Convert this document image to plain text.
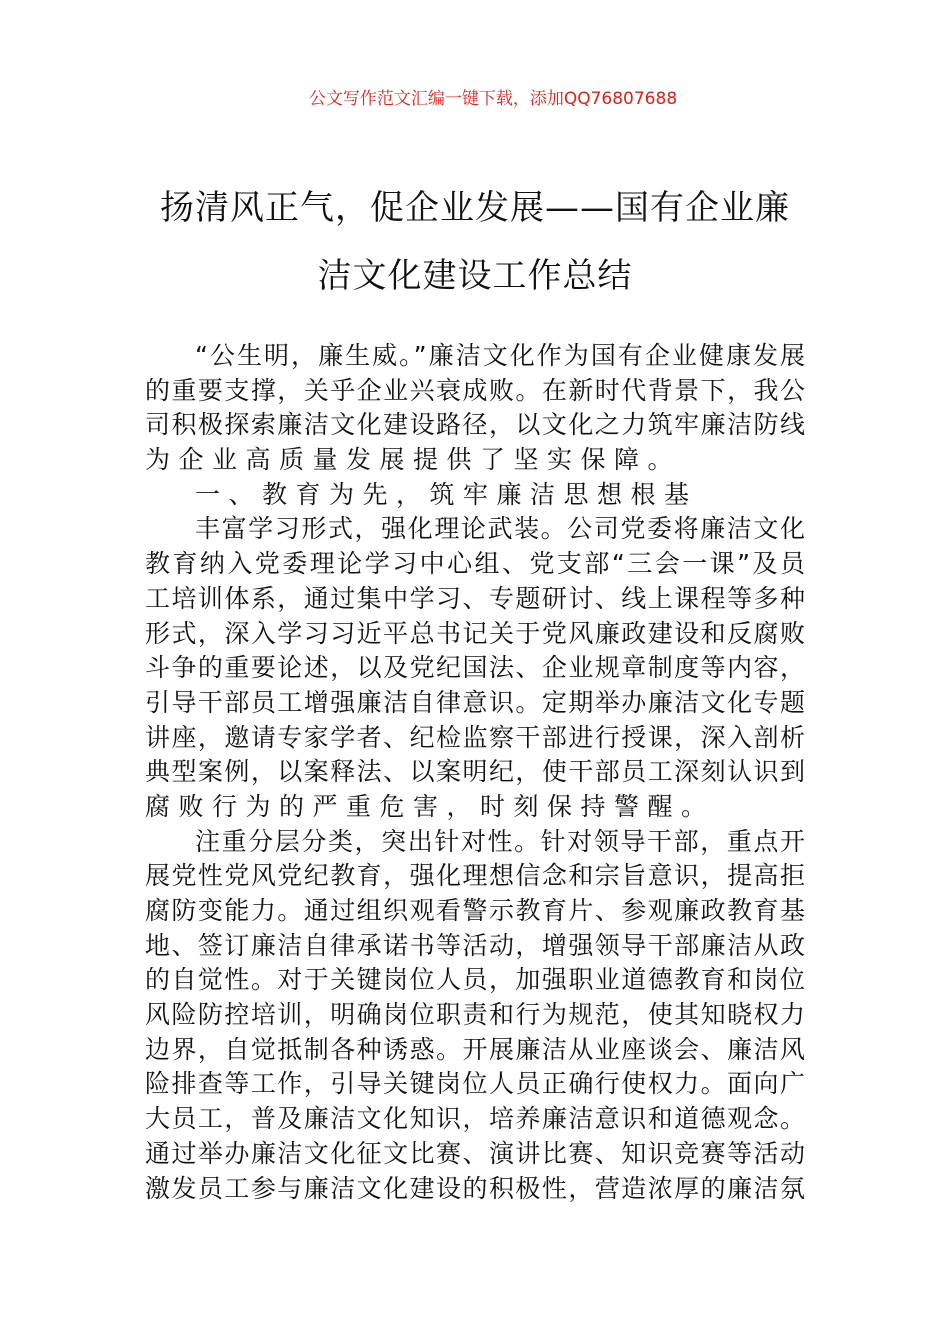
公文写作范文汇编一键下载，添加QQ76807688
扬清风正气，促企业发展——国有企业廉
洁文化建设工作总结
“公生明，廉生威。”廉洁文化作为国有企业健康发展
的重要支撑，关乎企业兴衰成败。在新时代背景下，我公
司积极探索廉洁文化建设路径，以文化之力筑牢廉洁防线
为企业高质量发展提供了坚实保障。
一、教育为先，筑牢廉洁思想根基
丰富学习形式，强化理论武装。公司党委将廉洁文化
教育纳入党委理论学习中心组、党支部“三会一课”及员
工培训体系，通过集中学习、专题研讨、线上课程等多种
形式，深入学习习近平总书记关于党风廉政建设和反腐败
斗争的重要论述，以及党纪国法、企业规章制度等内容，
引导干部员工增强廉洁自律意识。定期举办廉洁文化专题
讲座，邀请专家学者、纪检监察干部进行授课，深入剖析
典型案例，以案释法、以案明纪，使干部员工深刻认识到
腐败行为的严重危害，时刻保持警醒。
注重分层分类，突出针对性。针对领导干部，重点开
展党性党风党纪教育，强化理想信念和宗旨意识，提高拒
腐防变能力。通过组织观看警示教育片、参观廉政教育基
地、签订廉洁自律承诺书等活动，增强领导干部廉洁从政
的自觉性。对于关键岗位人员，加强职业道德教育和岗位
风险防控培训，明确岗位职责和行为规范，使其知晓权力
边界，自觉抵制各种诱惑。开展廉洁从业座谈会、廉洁风
险排查等工作，引导关键岗位人员正确行使权力。面向广
大员工，普及廉洁文化知识，培养廉洁意识和道德观念。
通过举办廉洁文化征文比赛、演讲比赛、知识竞赛等活动
激发员工参与廉洁文化建设的积极性，营造浓厚的廉洁氛
